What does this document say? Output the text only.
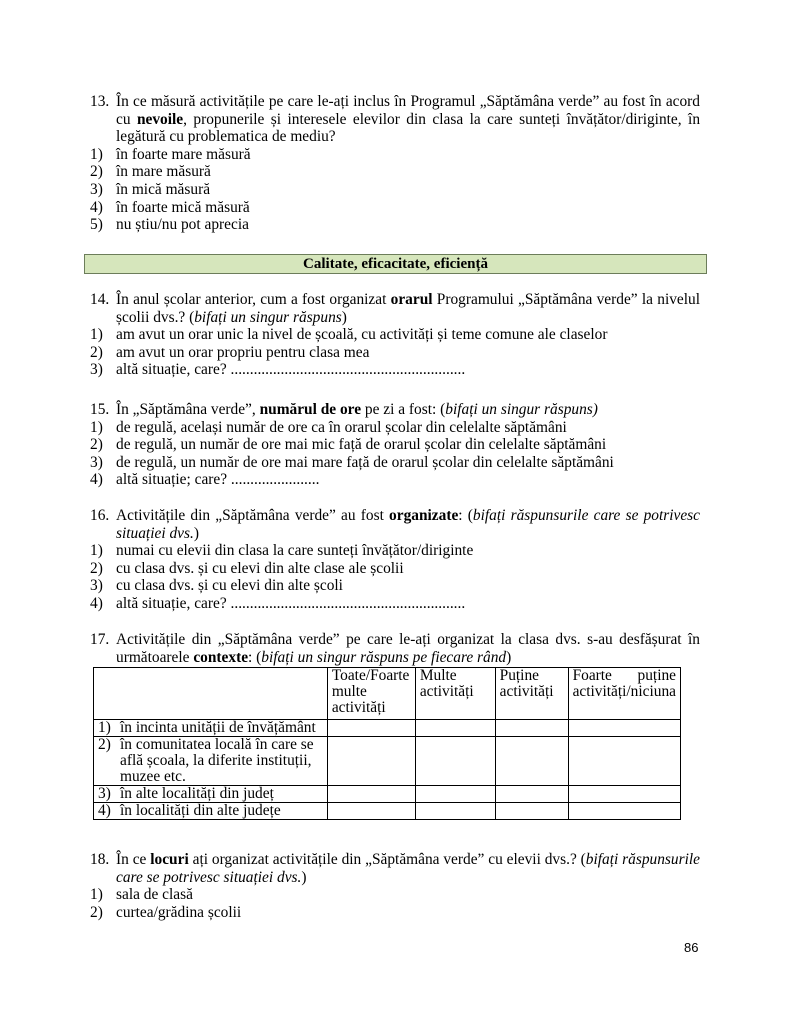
13. În ce măsură activitățile pe care le-ați inclus în Programul „Săptămâna verde” au fost în acord cu nevoile, propunerile și interesele elevilor din clasa la care sunteți învățător/diriginte, în legătură cu problematica de mediu?
1) în foarte mare măsură
2) în mare măsură
3) în mică măsură
4) în foarte mică măsură
5) nu știu/nu pot aprecia
Calitate, eficacitate, eficiență
14. În anul școlar anterior, cum a fost organizat orarul Programului „Săptămâna verde” la nivelul școlii dvs.? (bifați un singur răspuns)
1) am avut un orar unic la nivel de școală, cu activități și teme comune ale claselor
2) am avut un orar propriu pentru clasa mea
3) altă situație, care? .............................................................
15. În „Săptămâna verde”, numărul de ore pe zi a fost: (bifați un singur răspuns)
1) de regulă, același număr de ore ca în orarul școlar din celelalte săptămâni
2) de regulă, un număr de ore mai mic față de orarul școlar din celelalte săptămâni
3) de regulă, un număr de ore mai mare față de orarul școlar din celelalte săptămâni
4) altă situație; care? .......................
16. Activitățile din „Săptămâna verde” au fost organizate: (bifați răspunsurile care se potrivesc situației dvs.)
1) numai cu elevii din clasa la care sunteți învățător/diriginte
2) cu clasa dvs. și cu elevi din alte clase ale școlii
3) cu clasa dvs. și cu elevi din alte școli
4) altă situație, care? .............................................................
17. Activitățile din „Săptămâna verde” pe care le-ați organizat la clasa dvs. s-au desfășurat în următoarele contexte: (bifați un singur răspuns pe fiecare rând)
	Toate/Foarte multe activități	Multe activități	Puține activități	Foarte puține activități/niciuna
1) în incinta unității de învățământ				
2) în comunitatea locală în care se află școala, la diferite instituții, muzee etc.				
3) în alte localități din județ				
4) în localități din alte județe				
18. În ce locuri ați organizat activitățile din „Săptămâna verde” cu elevii dvs.? (bifați răspunsurile care se potrivesc situației dvs.)
1) sala de clasă
2) curtea/grădina școlii
86
